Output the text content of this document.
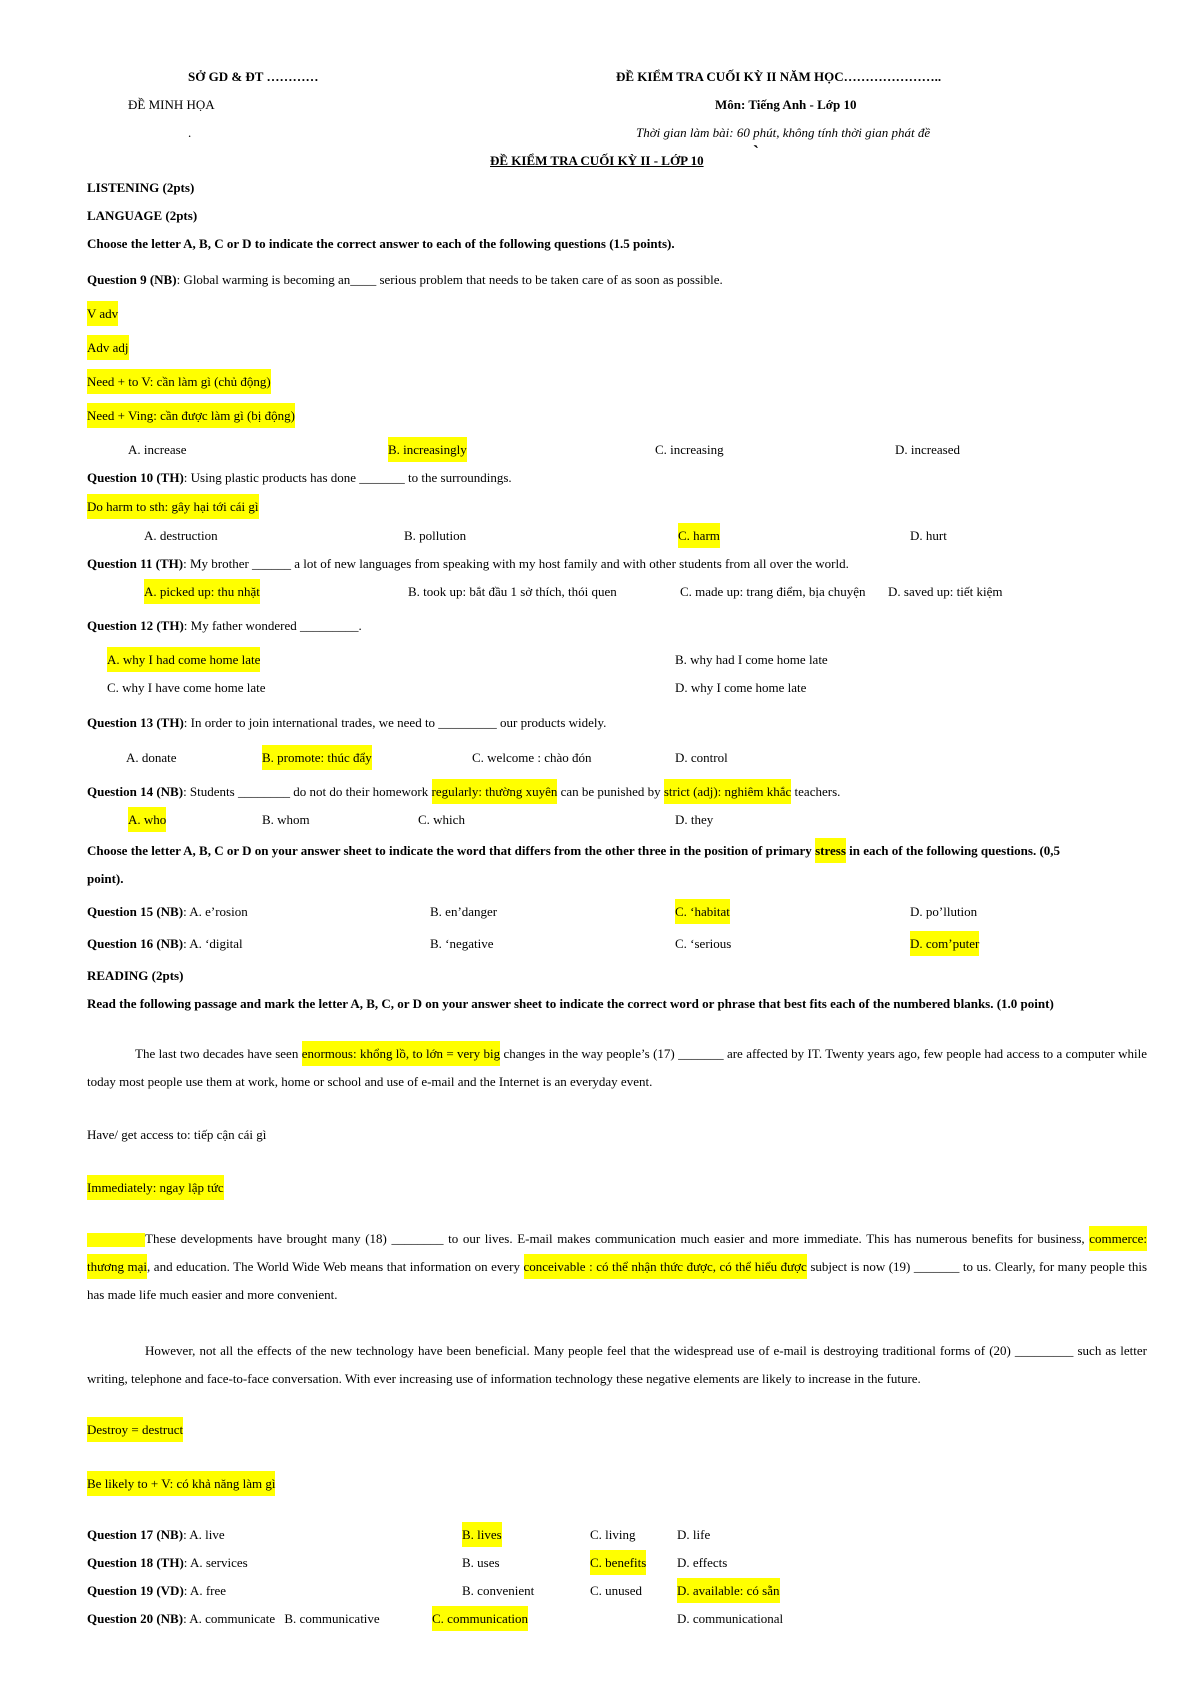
SỞ GD & ĐT …………
ĐỀ MINH HỌA
.
ĐỀ KIỂM TRA CUỐI KỲ II NĂM HỌC…………………..
Môn: Tiếng Anh - Lớp 10
Thời gian làm bài: 60 phút, không tính thời gian phát đề
ĐỀ KIỂM TRA CUỐI KỲ II - LỚP 10	`
LISTENING (2pts)
LANGUAGE (2pts)
Choose the letter A, B, C or D to indicate the correct answer to each of the following questions (1.5 points).
Question 9 (NB): Global warming is becoming an____ serious problem that needs to be taken care of as soon as possible.
V adv
Adv adj
Need + to V: cần làm gì (chủ động)
Need + Ving: cần được làm gì (bị động)
A. increase	B. increasingly	C. increasing	D. increased
Question 10 (TH): Using plastic products has done _______ to the surroundings.
Do harm to sth: gây hại tới cái gì
A. destruction	B. pollution	C. harm	D. hurt
Question 11 (TH): My brother ______ a lot of new languages from speaking with my host family and with other students from all over the world.
A. picked up: thu nhặt	B. took up: bắt đầu 1 sở thích, thói quen	C. made up: trang điểm, bịa chuyện D. saved up: tiết kiệm
Question 12 (TH): My father wondered _________.
A. why I had come home late	B. why had I come home late
C. why I have come home late	D. why I come home late
Question 13 (TH): In order to join international trades, we need to _________ our products widely.
A. donate	B. promote: thúc đẩy	C. welcome : chào đón	D. control
Question 14 (NB): Students ________ do not do their homework regularly: thường xuyên can be punished by strict (adj): nghiêm khắc teachers.
A. who	B. whom	C. which	D. they
Choose the letter A, B, C or D on your answer sheet to indicate the word that differs from the other three in the position of primary stress in each of the following questions. (0,5
point).
Question 15 (NB): A. e’rosion	B. en’danger	C. ‘habitat	D. po’llution
Question 16 (NB): A. ‘digital	B. ‘negative	C. ‘serious	D. com’puter
READING (2pts)
Read the following passage and mark the letter A, B, C, or D on your answer sheet to indicate the correct word or phrase that best fits each of the numbered blanks. (1.0 point)
The last two decades have seen enormous: khổng lồ, to lớn = very big changes in the way people’s (17) _______ are affected by IT. Twenty years ago, few people had access to a computer while today most people use them at work, home or school and use of e-mail and the Internet is an everyday event.
Have/ get access to: tiếp cận cái gì
Immediately: ngay lập tức
These developments have brought many (18) ________ to our lives. E-mail makes communication much easier and more immediate. This has numerous benefits for business, commerce: thương mại, and education. The World Wide Web means that information on every conceivable : có thể nhận thức được, có thể hiểu được subject is now (19) _______ to us. Clearly, for many people this has made life much easier and more convenient.
However, not all the effects of the new technology have been beneficial. Many people feel that the widespread use of e-mail is destroying traditional forms of (20) _________ such as letter writing, telephone and face-to-face conversation. With ever increasing use of information technology these negative elements are likely to increase in the future.
Destroy = destruct
Be likely to + V: có khả năng làm gì
Question 17 (NB): A. live	B. lives	C. living	D. life
Question 18 (TH): A. services	B. uses	C. benefits D. effects
Question 19 (VD): A. free	B. convenient	C. unused	D. available: có sẵn
Question 20 (NB): A. communicate B. communicative	C. communication	D. communicational
